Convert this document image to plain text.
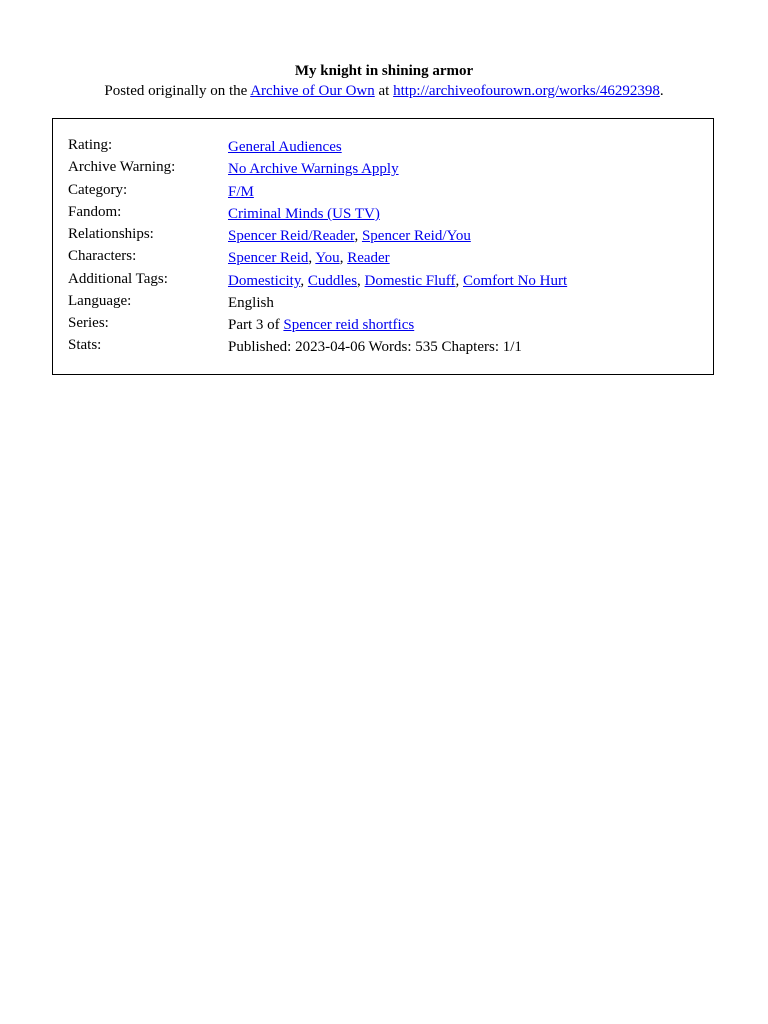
My knight in shining armor
Posted originally on the Archive of Our Own at http://archiveofourown.org/works/46292398.
Rating:	General Audiences
Archive Warning:	No Archive Warnings Apply
Category:	F/M
Fandom:	Criminal Minds (US TV)
Relationships:	Spencer Reid/Reader, Spencer Reid/You
Characters:	Spencer Reid, You, Reader
Additional Tags:	Domesticity, Cuddles, Domestic Fluff, Comfort No Hurt
Language:	English
Series:	Part 3 of Spencer reid shortfics
Stats:	Published: 2023-04-06 Words: 535 Chapters: 1/1
